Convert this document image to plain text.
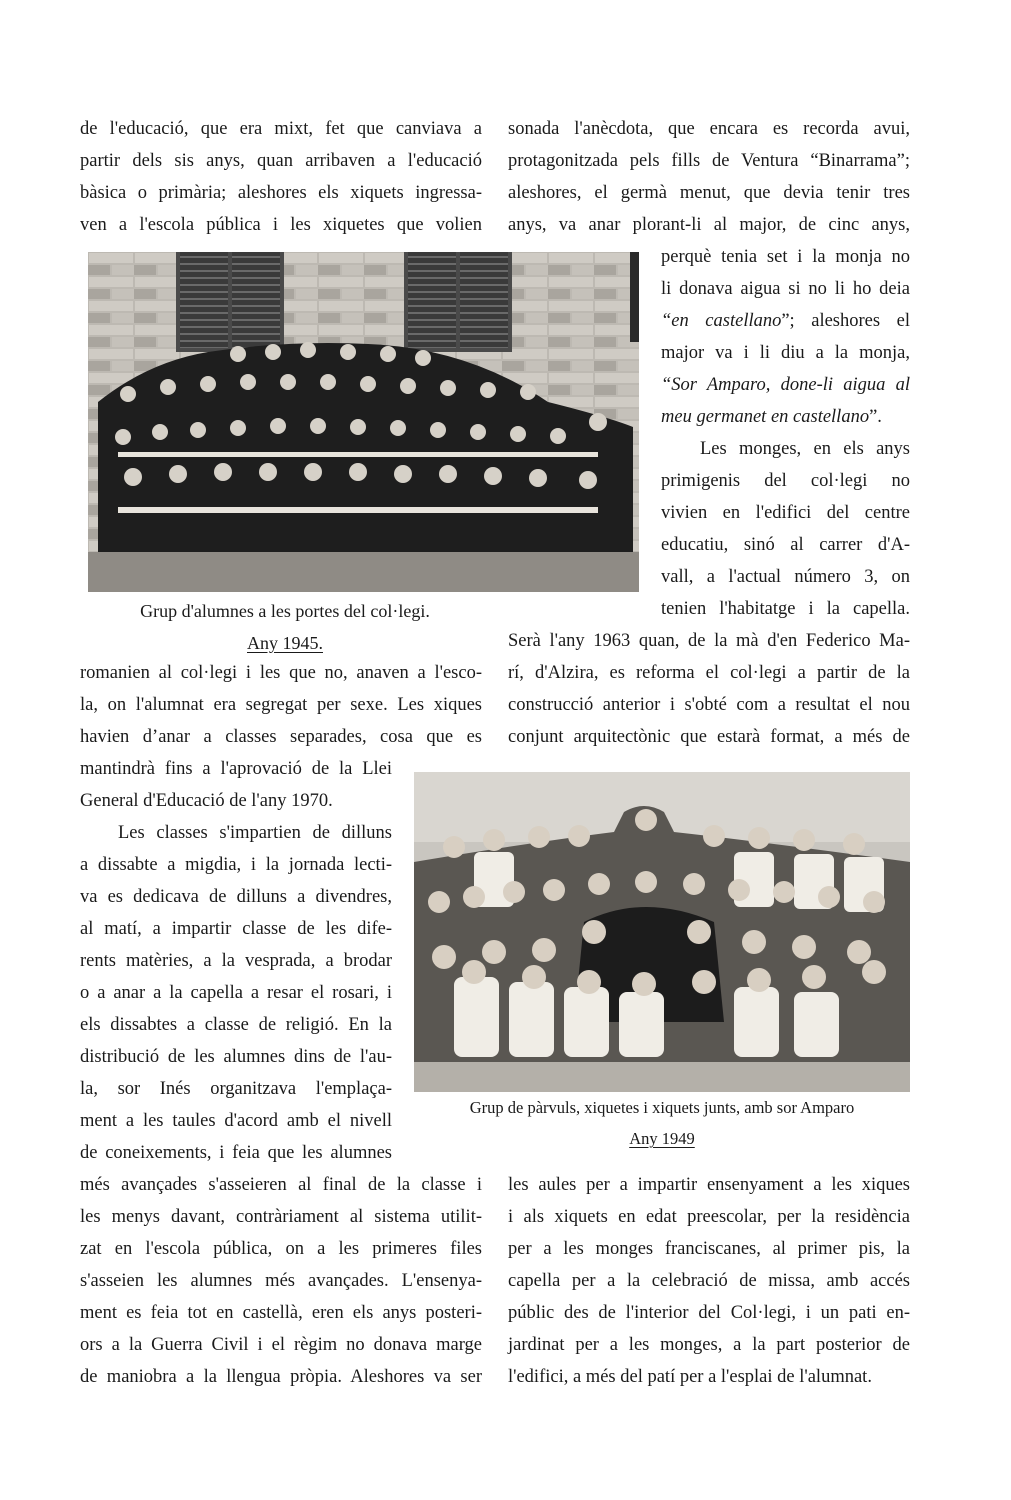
de l'educació, que era mixt, fet que canviava a
partir dels sis anys, quan arribaven a l'educació
bàsica o primària; aleshores els xiquets ingressa-
ven a l'escola pública i les xiquetes que volien
sonada l'anècdota, que encara es recorda avui,
protagonitzada pels fills de Ventura “Binarrama”;
aleshores, el germà menut, que devia tenir tres
anys, va anar plorant-li al major, de cinc anys,
perquè tenia set i la monja no
li donava aigua si no li ho deia
“en castellano”; aleshores el
major va i li diu a la monja,
“Sor Amparo, done-li aigua al
meu germanet en castellano”.
Les monges, en els anys
primigenis del col·legi no
vivien en l'edifici del centre
educatiu, sinó al carrer d'A-
vall, a l'actual número 3, on
tenien l'habitatge i la capella.
Grup d'alumnes a les portes del col·legi.
Any 1945.	Serà l'any 1963 quan, de la mà d'en Federico Ma-
rí, d'Alzira, es reforma el col·legi a partir de la
construcció anterior i s'obté com a resultat el nou
conjunt arquitectònic que estarà format, a més de
romanien al col·legi i les que no, anaven a l'esco-
la, on l'alumnat era segregat per sexe. Les xiques
havien d’anar a classes separades, cosa que es
mantindrà fins a l'aprovació de la Llei
General d'Educació de l'any 1970.
Les classes s'impartien de dilluns
a dissabte a migdia, i la jornada lecti-
va es dedicava de dilluns a divendres,
al matí, a impartir classe de les dife-
rents matèries, a la vesprada, a brodar
o a anar a la capella a resar el rosari, i
els dissabtes a classe de religió. En la
distribució de les alumnes dins de l'au-
la, sor Inés organitzava l'emplaça-
ment a les taules d'acord amb el nivell
de coneixements, i feia que les alumnes
Grup de pàrvuls, xiquetes i xiquets junts, amb sor Amparo
Any 1949
més avançades s'asseieren al final de la classe i
les menys davant, contràriament al sistema utilit-
zat en l'escola pública, on a les primeres files
s'asseien les alumnes més avançades. L'ensenya-
ment es feia tot en castellà, eren els anys posteri-
ors a la Guerra Civil i el règim no donava marge
de maniobra a la llengua pròpia. Aleshores va ser
les aules per a impartir ensenyament a les xiques
i als xiquets en edat preescolar, per la residència
per a les monges franciscanes, al primer pis, la
capella per a la celebració de missa, amb accés
públic des de l'interior del Col·legi, i un pati en-
jardinat per a les monges, a la part posterior de
l'edifici, a més del patí per a l'esplai de l'alumnat.
